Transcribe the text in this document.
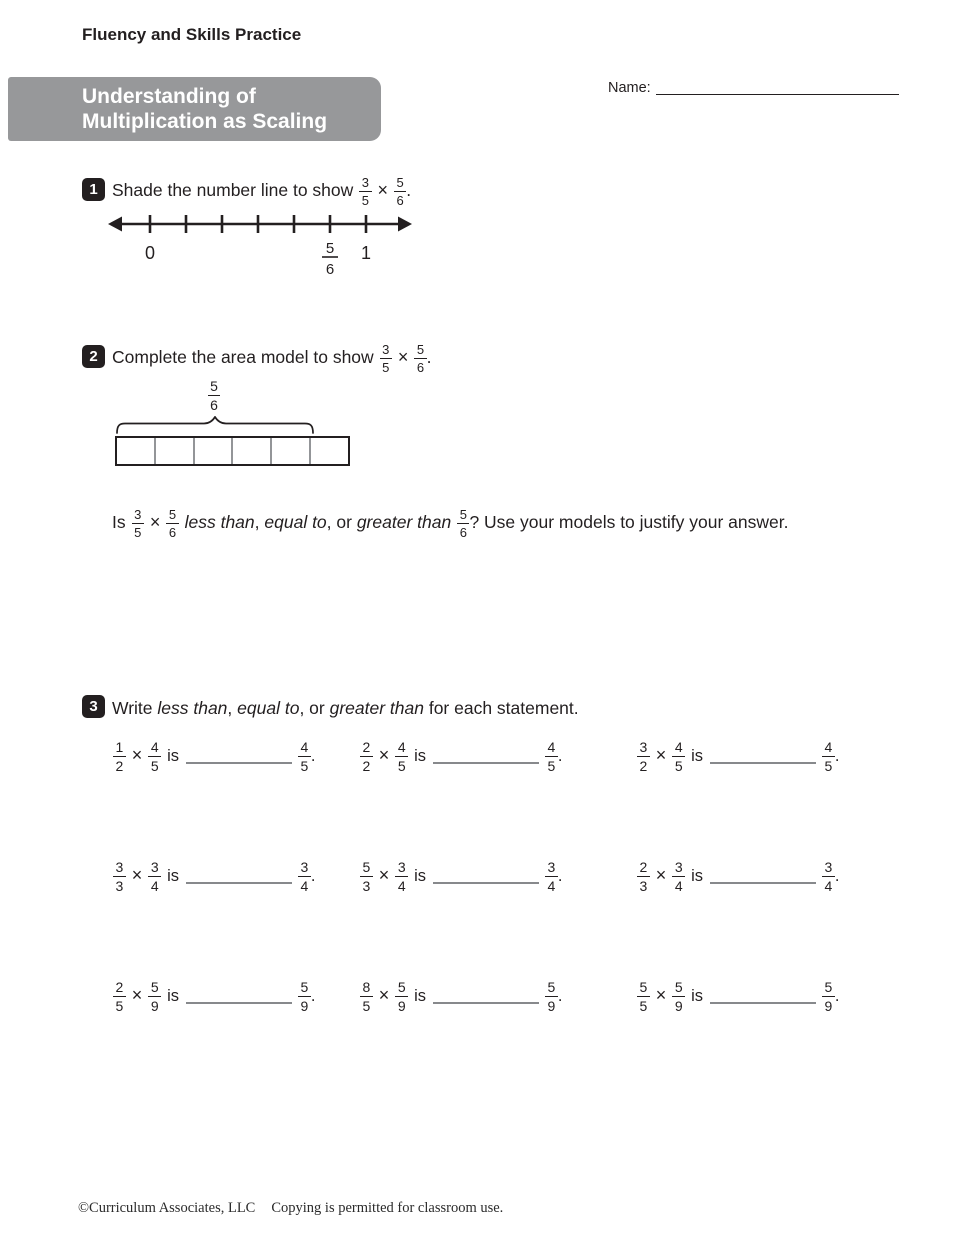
Fluency and Skills Practice
Understanding of
Multiplication as Scaling
Name:
1 Shade the number line to show $\frac{3}{5} \times \frac{5}{6}$ .
0	5
6
1
2 Complete the area model to show $\frac{3}{5} \times \frac{5}{6}$ .
$\frac{5}{6}$
Is $\frac{3}{5} \times \frac{5}{6}$ less than, equal to, or greater than $\frac{5}{6}$ ? Use your models to justify your answer.
3 Write less than, equal to, or greater than for each statement.
$\frac{1}{2} \times \frac{4}{5}$ is	$\frac{4}{5}$ .	$\frac{2}{2} \times \frac{4}{5}$ is	$\frac{4}{5}$ .	$\frac{3}{2} \times \frac{4}{5}$ is	$\frac{4}{5}$ .
$\frac{3}{3} \times \frac{3}{4}$ is	$\frac{3}{4}$ .	$\frac{5}{3} \times \frac{3}{4}$ is	$\frac{3}{4}$ .	$\frac{2}{3} \times \frac{3}{4}$ is	$\frac{3}{4}$ .
$\frac{2}{5} \times \frac{5}{9}$ is	$\frac{5}{9}$ .	$\frac{8}{5} \times \frac{5}{9}$ is	$\frac{5}{9}$ .	$\frac{5}{5} \times \frac{5}{9}$ is	$\frac{5}{9}$ .
©Curriculum Associates, LLC Copying is permitted for classroom use.
